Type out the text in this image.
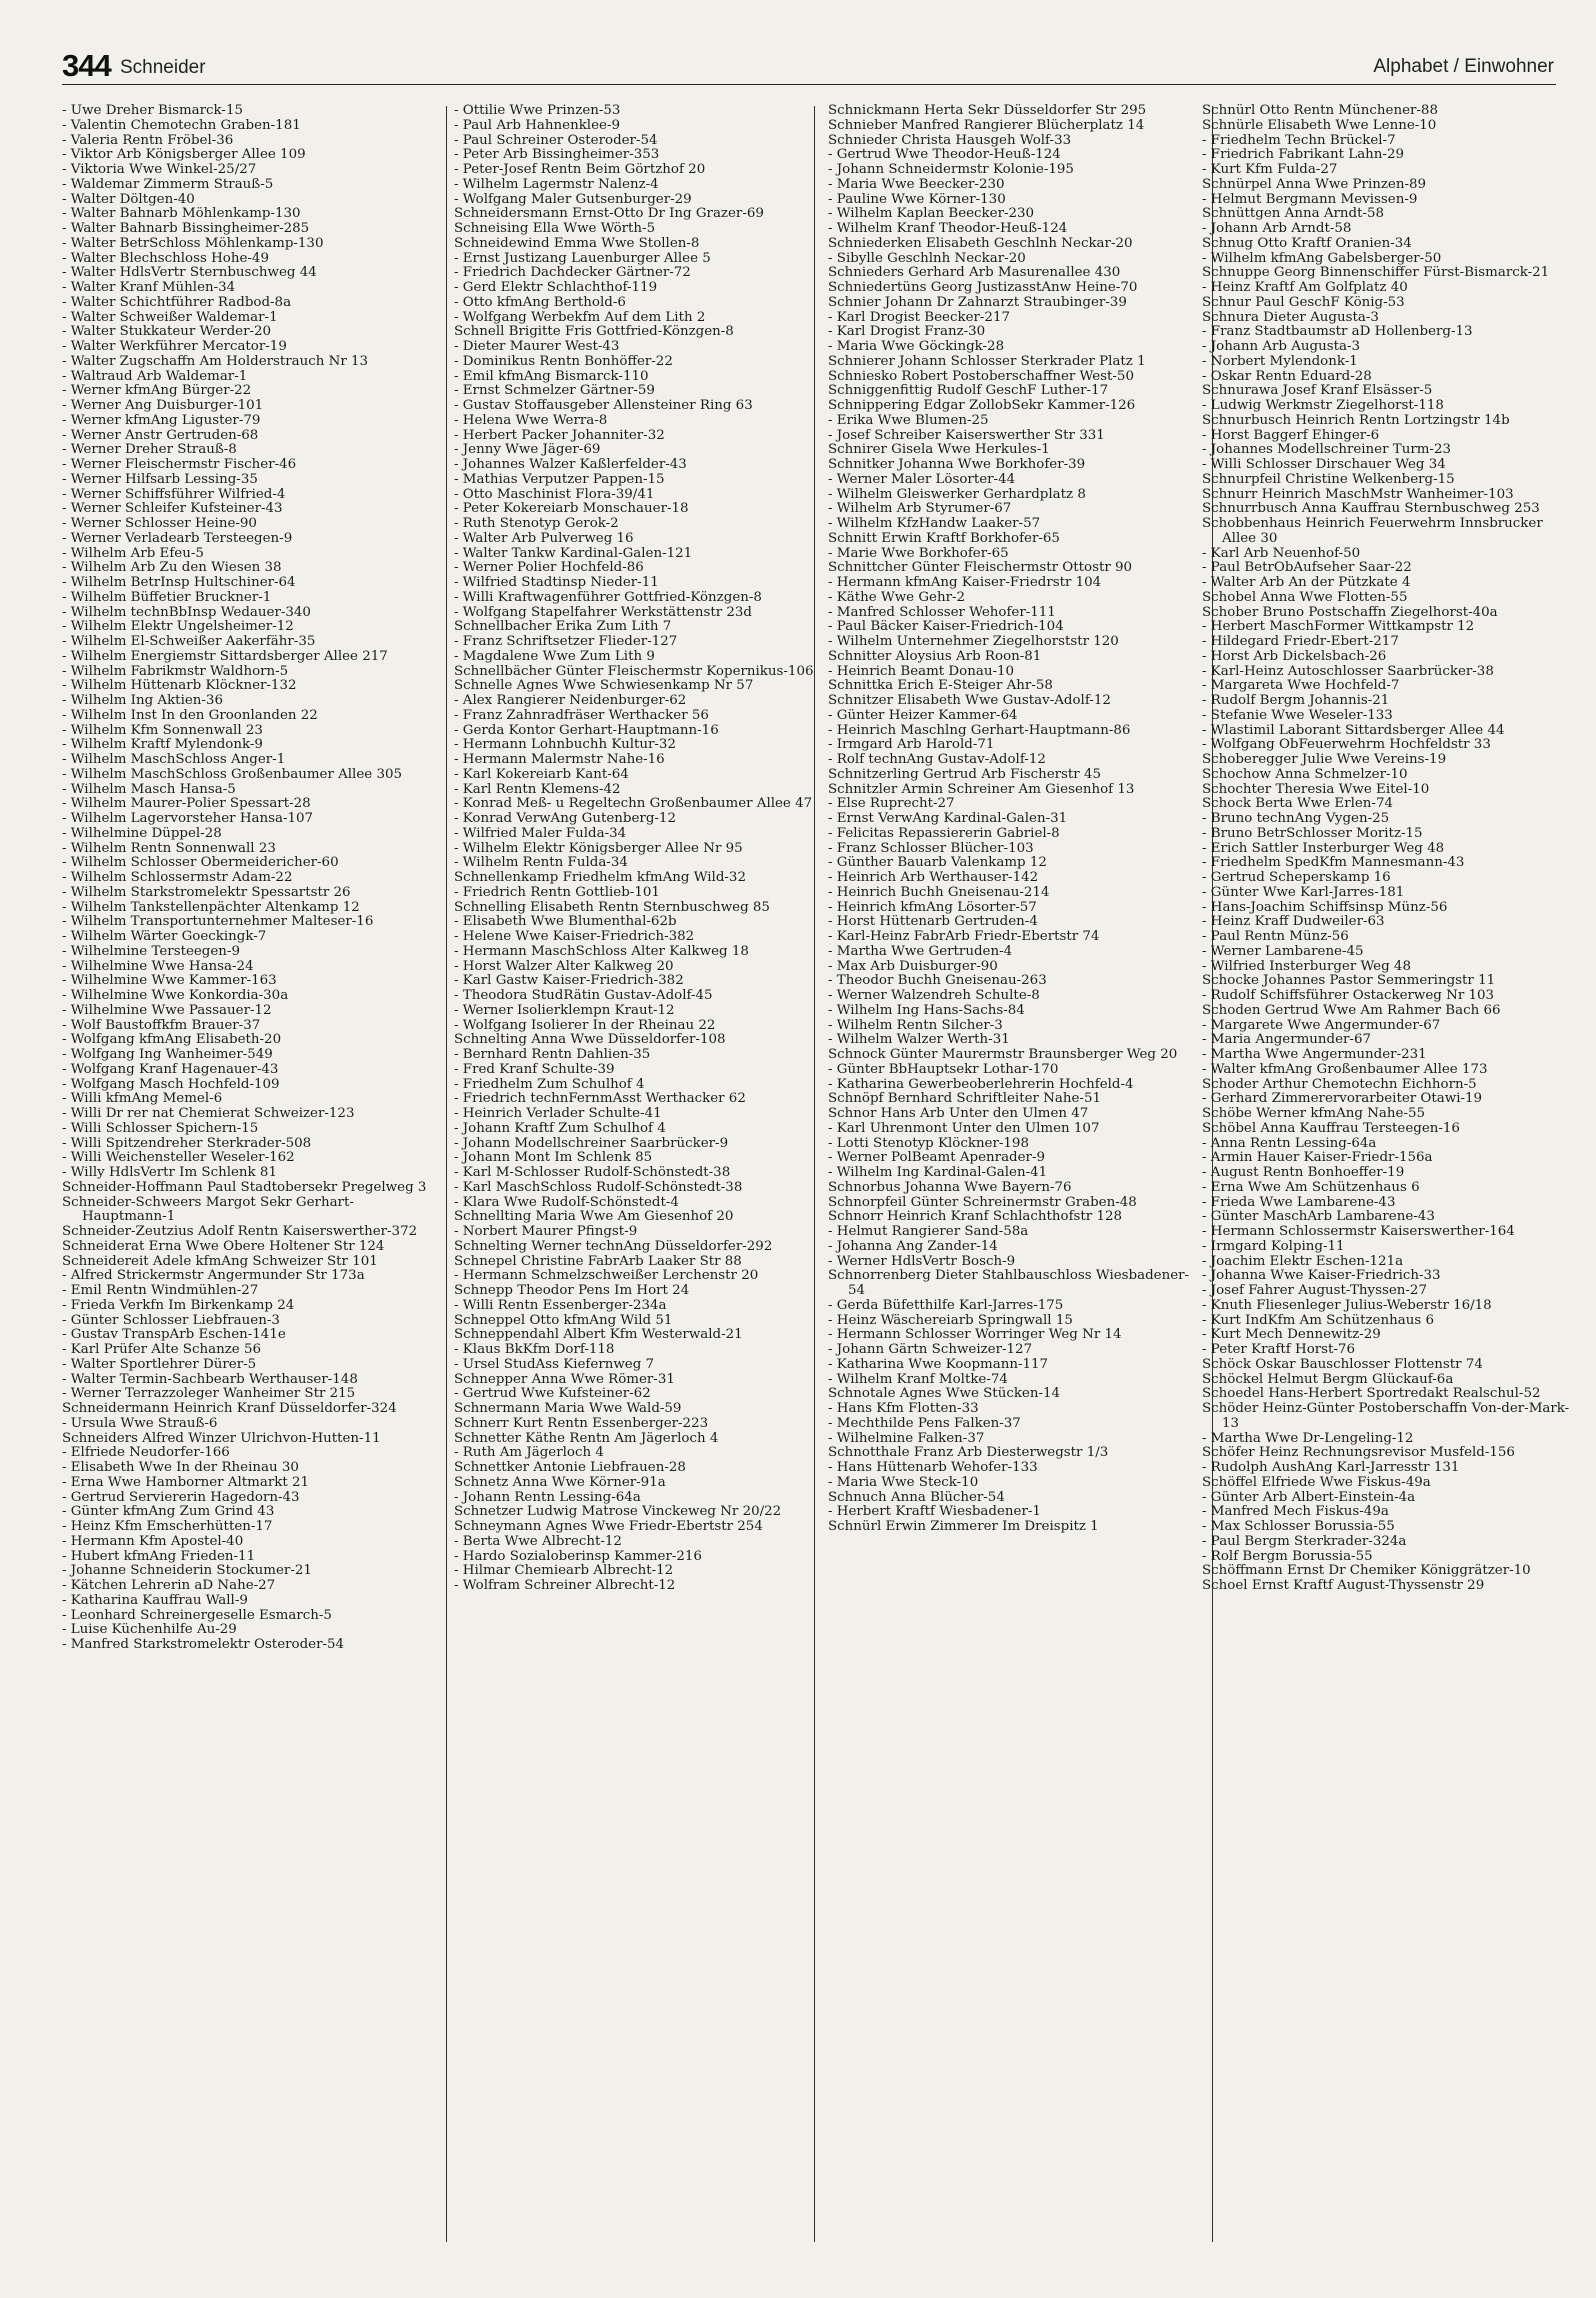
344 Schneider	Alphabet / Einwohner
- Uwe Dreher Bismarck-15
- Valentin Chemotechn Graben-181
- Valeria Rentn Fröbel-36
- Viktor Arb Königsberger Allee 109
- Viktoria Wwe Winkel-25/27
- Waldemar Zimmerm Strauß-5
- Walter Döltgen-40
- Walter Bahnarb Möhlenkamp-130
- Walter Bahnarb Bissingheimer-285
- Walter BetrSchloss Möhlenkamp-130
- Walter Blechschloss Hohe-49
- Walter HdlsVertr Sternbuschweg 44
- Walter Kranf Mühlen-34
- Walter Schichtführer Radbod-8a
- Walter Schweißer Waldemar-1
- Walter Stukkateur Werder-20
- Walter Werkführer Mercator-19
- Walter Zugschaffn Am Holderstrauch Nr 13
- Waltraud Arb Waldemar-1
- Werner kfmAng Bürger-22
- Werner Ang Duisburger-101
- Werner kfmAng Liguster-79
- Werner Anstr Gertruden-68
- Werner Dreher Strauß-8
- Werner Fleischermstr Fischer-46
- Werner Hilfsarb Lessing-35
- Werner Schiffsführer Wilfried-4
- Werner Schleifer Kufsteiner-43
- Werner Schlosser Heine-90
- Werner Verladearb Tersteegen-9
- Wilhelm Arb Efeu-5
- Wilhelm Arb Zu den Wiesen 38
- Wilhelm BetrInsp Hultschiner-64
- Wilhelm Büffetier Bruckner-1
- Wilhelm technBbInsp Wedauer-340
- Wilhelm Elektr Ungelsheimer-12
- Wilhelm El-Schweißer Aakerfähr-35
- Wilhelm Energiemstr Sittardsberger Allee 217
- Wilhelm Fabrikmstr Waldhorn-5
- Wilhelm Hüttenarb Klöckner-132
- Wilhelm Ing Aktien-36
- Wilhelm Inst In den Groonlanden 22
- Wilhelm Kfm Sonnenwall 23
- Wilhelm Kraftf Mylendonk-9
- Wilhelm MaschSchloss Anger-1
- Wilhelm MaschSchloss Großenbaumer Allee 305
- Wilhelm Masch Hansa-5
- Wilhelm Maurer-Polier Spessart-28
- Wilhelm Lagervorsteher Hansa-107
- Wilhelmine Düppel-28
- Wilhelm Rentn Sonnenwall 23
- Wilhelm Schlosser Obermeidericher-60
- Wilhelm Schlossermstr Adam-22
- Wilhelm Starkstromelektr Spessartstr 26
- Wilhelm Tankstellenpächter Altenkamp 12
- Wilhelm Transportunternehmer Malteser-16
- Wilhelm Wärter Goeckingk-7
- Wilhelmine Tersteegen-9
- Wilhelmine Wwe Hansa-24
- Wilhelmine Wwe Kammer-163
- Wilhelmine Wwe Konkordia-30a
- Wilhelmine Wwe Passauer-12
- Wolf Baustoffkfm Brauer-37
- Wolfgang kfmAng Elisabeth-20
- Wolfgang Ing Wanheimer-549
- Wolfgang Kranf Hagenauer-43
- Wolfgang Masch Hochfeld-109
- Willi kfmAng Memel-6
- Willi Dr rer nat Chemierat Schweizer-123
- Willi Schlosser Spichern-15
- Willi Spitzendreher Sterkrader-508
- Willi Weichensteller Weseler-162
- Willy HdlsVertr Im Schlenk 81
Schneider-Hoffmann Paul Stadtobersekr Pregelweg 3
Schneider-Schweers Margot Sekr Gerhart-Hauptmann-1
Schneider-Zeutzius Adolf Rentn Kaiserswerther-372
Schneiderat Erna Wwe Obere Holtener Str 124
Schneidereit Adele kfmAng Schweizer Str 101
- Alfred Strickermstr Angermunder Str 173a
- Emil Rentn Windmühlen-27
- Frieda Verkfn Im Birkenkamp 24
- Günter Schlosser Liebfrauen-3
- Gustav TranspArb Eschen-141e
- Karl Prüfer Alte Schanze 56
- Walter Sportlehrer Dürer-5
- Walter Termin-Sachbearb Werthauser-148
- Werner Terrazzoleger Wanheimer Str 215
Schneidermann Heinrich Kranf Düsseldorfer-324
- Ursula Wwe Strauß-6
Schneiders Alfred Winzer Ulrichvon-Hutten-11
- Elfriede Neudorfer-166
- Elisabeth Wwe In der Rheinau 30
- Erna Wwe Hamborner Altmarkt 21
- Gertrud Serviererin Hagedorn-43
- Günter kfmAng Zum Grind 43
- Heinz Kfm Emscherhütten-17
- Hermann Kfm Apostel-40
- Hubert kfmAng Frieden-11
- Johanne Schneiderin Stockumer-21
- Kätchen Lehrerin aD Nahe-27
- Katharina Kauffrau Wall-9
- Leonhard Schreinergeselle Esmarch-5
- Luise Küchenhilfe Au-29
- Manfred Starkstromelektr Osteroder-54
- Ottilie Wwe Prinzen-53
- Paul Arb Hahnenklee-9
- Paul Schreiner Osteroder-54
- Peter Arb Bissingheimer-353
- Peter-Josef Rentn Beim Görtzhof 20
- Wilhelm Lagermstr Nalenz-4
- Wolfgang Maler Gutsenburger-29
Schneidersmann Ernst-Otto Dr Ing Grazer-69
Schneising Ella Wwe Wörth-5
Schneidewind Emma Wwe Stollen-8
- Ernst Justizang Lauenburger Allee 5
- Friedrich Dachdecker Gärtner-72
- Gerd Elektr Schlachthof-119
- Otto kfmAng Berthold-6
- Wolfgang Werbekfm Auf dem Lith 2
Schnell Brigitte Fris Gottfried-Könzgen-8
- Dieter Maurer West-43
- Dominikus Rentn Bonhöffer-22
- Emil kfmAng Bismarck-110
- Ernst Schmelzer Gärtner-59
- Gustav Stoffausgeber Allensteiner Ring 63
- Helena Wwe Werra-8
- Herbert Packer Johanniter-32
- Jenny Wwe Jäger-69
- Johannes Walzer Kaßlerfelder-43
- Mathias Verputzer Pappen-15
- Otto Maschinist Flora-39/41
- Peter Kokereiarb Monschauer-18
- Ruth Stenotyp Gerok-2
- Walter Arb Pulverweg 16
- Walter Tankw Kardinal-Galen-121
- Werner Polier Hochfeld-86
- Wilfried Stadtinsp Nieder-11
- Willi Kraftwagenführer Gottfried-Könzgen-8
- Wolfgang Stapelfahrer Werkstättenstr 23d
Schnellbacher Erika Zum Lith 7
- Franz Schriftsetzer Flieder-127
- Magdalene Wwe Zum Lith 9
Schnellbächer Günter Fleischermstr Kopernikus-106
Schnelle Agnes Wwe Schwiesenkamp Nr 57
- Alex Rangierer Neidenburger-62
- Franz Zahnradfräser Werthacker 56
- Gerda Kontor Gerhart-Hauptmann-16
- Hermann Lohnbuchh Kultur-32
- Hermann Malermstr Nahe-16
- Karl Kokereiarb Kant-64
- Karl Rentn Klemens-42
- Konrad Meß- u Regeltechn Großenbaumer Allee 47
- Konrad VerwAng Gutenberg-12
- Wilfried Maler Fulda-34
- Wilhelm Elektr Königsberger Allee Nr 95
- Wilhelm Rentn Fulda-34
Schnellenkamp Friedhelm kfmAng Wild-32
- Friedrich Rentn Gottlieb-101
Schnelling Elisabeth Rentn Sternbuschweg 85
- Elisabeth Wwe Blumenthal-62b
- Helene Wwe Kaiser-Friedrich-382
- Hermann MaschSchloss Alter Kalkweg 18
- Horst Walzer Alter Kalkweg 20
- Karl Gastw Kaiser-Friedrich-382
- Theodora StudRätin Gustav-Adolf-45
- Werner Isolierklempn Kraut-12
- Wolfgang Isolierer In der Rheinau 22
Schnelting Anna Wwe Düsseldorfer-108
- Bernhard Rentn Dahlien-35
- Fred Kranf Schulte-39
- Friedhelm Zum Schulhof 4
- Friedrich technFernmAsst Werthacker 62
- Heinrich Verlader Schulte-41
- Johann Kraftf Zum Schulhof 4
- Johann Modellschreiner Saarbrücker-9
- Johann Mont Im Schlenk 85
- Karl M-Schlosser Rudolf-Schönstedt-38
- Karl MaschSchloss Rudolf-Schönstedt-38
- Klara Wwe Rudolf-Schönstedt-4
Schnellting Maria Wwe Am Giesenhof 20
- Norbert Maurer Pfingst-9
Schnelting Werner technAng Düsseldorfer-292
Schnepel Christine FabrArb Laaker Str 88
- Hermann Schmelzschweißer Lerchenstr 20
Schnepp Theodor Pens Im Hort 24
- Willi Rentn Essenberger-234a
Schneppel Otto kfmAng Wild 51
Schneppendahl Albert Kfm Westerwald-21
- Klaus BkKfm Dorf-118
- Ursel StudAss Kiefernweg 7
Schnepper Anna Wwe Römer-31
- Gertrud Wwe Kufsteiner-62
Schnermann Maria Wwe Wald-59
Schnerr Kurt Rentn Essenberger-223
Schnetter Käthe Rentn Am Jägerloch 4
- Ruth Am Jägerloch 4
Schnettker Antonie Liebfrauen-28
Schnetz Anna Wwe Körner-91a
- Johann Rentn Lessing-64a
Schnetzer Ludwig Matrose Vinckeweg Nr 20/22
Schneymann Agnes Wwe Friedr-Ebertstr 254
- Berta Wwe Albrecht-12
- Hardo Sozialoberinsp Kammer-216
- Hilmar Chemiearb Albrecht-12
- Wolfram Schreiner Albrecht-12
Schnickmann Herta Sekr Düsseldorfer Str 295
Schnieber Manfred Rangierer Blücherplatz 14
Schnieder Christa Hausgeh Wolf-33
- Gertrud Wwe Theodor-Heuß-124
- Johann Schneidermstr Kolonie-195
- Maria Wwe Beecker-230
- Pauline Wwe Körner-130
- Wilhelm Kaplan Beecker-230
- Wilhelm Kranf Theodor-Heuß-124
Schniederken Elisabeth Geschlnh Neckar-20
- Sibylle Geschlnh Neckar-20
Schnieders Gerhard Arb Masurenallee 430
Schniedertüns Georg JustizasstAnw Heine-70
Schnier Johann Dr Zahnarzt Straubinger-39
- Karl Drogist Beecker-217
- Karl Drogist Franz-30
- Maria Wwe Göckingk-28
Schnierer Johann Schlosser Sterkrader Platz 1
Schniesko Robert Postoberschaffner West-50
Schniggenfittig Rudolf GeschF Luther-17
Schnippering Edgar ZollobSekr Kammer-126
- Erika Wwe Blumen-25
- Josef Schreiber Kaiserswerther Str 331
Schnirer Gisela Wwe Herkules-1
Schnitker Johanna Wwe Borkhofer-39
- Werner Maler Lösorter-44
- Wilhelm Gleiswerker Gerhardplatz 8
- Wilhelm Arb Styrumer-67
- Wilhelm KfzHandw Laaker-57
Schnitt Erwin Kraftf Borkhofer-65
- Marie Wwe Borkhofer-65
Schnittcher Günter Fleischermstr Ottostr 90
- Hermann kfmAng Kaiser-Friedrstr 104
- Käthe Wwe Gehr-2
- Manfred Schlosser Wehofer-111
- Paul Bäcker Kaiser-Friedrich-104
- Wilhelm Unternehmer Ziegelhorststr 120
Schnitter Aloysius Arb Roon-81
- Heinrich Beamt Donau-10
Schnittka Erich E-Steiger Ahr-58
Schnitzer Elisabeth Wwe Gustav-Adolf-12
- Günter Heizer Kammer-64
- Heinrich Maschlng Gerhart-Hauptmann-86
- Irmgard Arb Harold-71
- Rolf technAng Gustav-Adolf-12
Schnitzerling Gertrud Arb Fischerstr 45
Schnitzler Armin Schreiner Am Giesenhof 13
- Else Ruprecht-27
- Ernst VerwAng Kardinal-Galen-31
- Felicitas Repassiererin Gabriel-8
- Franz Schlosser Blücher-103
- Günther Bauarb Valenkamp 12
- Heinrich Arb Werthauser-142
- Heinrich Buchh Gneisenau-214
- Heinrich kfmAng Lösorter-57
- Horst Hüttenarb Gertruden-4
- Karl-Heinz FabrArb Friedr-Ebertstr 74
- Martha Wwe Gertruden-4
- Max Arb Duisburger-90
- Theodor Buchh Gneisenau-263
- Werner Walzendreh Schulte-8
- Wilhelm Ing Hans-Sachs-84
- Wilhelm Rentn Silcher-3
- Wilhelm Walzer Werth-31
Schnock Günter Maurermstr Braunsberger Weg 20
- Günter BbHauptsekr Lothar-170
- Katharina Gewerbeoberlehrerin Hochfeld-4
Schnöpf Bernhard Schriftleiter Nahe-51
Schnor Hans Arb Unter den Ulmen 47
- Karl Uhrenmont Unter den Ulmen 107
- Lotti Stenotyp Klöckner-198
- Werner PolBeamt Apenrader-9
- Wilhelm Ing Kardinal-Galen-41
Schnorbus Johanna Wwe Bayern-76
Schnorpfeil Günter Schreinermstr Graben-48
Schnorr Heinrich Kranf Schlachthofstr 128
- Helmut Rangierer Sand-58a
- Johanna Ang Zander-14
- Werner HdlsVertr Bosch-9
Schnorrenberg Dieter Stahlbauschloss Wiesbadener-54
- Gerda Büfetthilfe Karl-Jarres-175
- Heinz Wäschereiarb Springwall 15
- Hermann Schlosser Worringer Weg Nr 14
- Johann Gärtn Schweizer-127
- Katharina Wwe Koopmann-117
- Wilhelm Kranf Moltke-74
Schnotale Agnes Wwe Stücken-14
- Hans Kfm Flotten-33
- Mechthilde Pens Falken-37
- Wilhelmine Falken-37
Schnotthale Franz Arb Diesterwegstr 1/3
- Hans Hüttenarb Wehofer-133
- Maria Wwe Steck-10
Schnuch Anna Blücher-54
- Herbert Kraftf Wiesbadener-1
Schnürl Erwin Zimmerer Im Dreispitz 1
Schnürl Otto Rentn Münchener-88
Schnürle Elisabeth Wwe Lenne-10
- Friedhelm Techn Brückel-7
- Friedrich Fabrikant Lahn-29
- Kurt Kfm Fulda-27
Schnürpel Anna Wwe Prinzen-89
- Helmut Bergmann Mevissen-9
Schnüttgen Anna Arndt-58
- Johann Arb Arndt-58
Schnug Otto Kraftf Oranien-34
- Wilhelm kfmAng Gabelsberger-50
Schnuppe Georg Binnenschiffer Fürst-Bismarck-21
- Heinz Kraftf Am Golfplatz 40
Schnur Paul GeschF König-53
Schnura Dieter Augusta-3
- Franz Stadtbaumstr aD Hollenberg-13
- Johann Arb Augusta-3
- Norbert Mylendonk-1
- Oskar Rentn Eduard-28
Schnurawa Josef Kranf Elsässer-5
- Ludwig Werkmstr Ziegelhorst-118
Schnurbusch Heinrich Rentn Lortzingstr 14b
- Horst Baggerf Ehinger-6
- Johannes Modellschreiner Turm-23
- Willi Schlosser Dirschauer Weg 34
Schnurpfeil Christine Welkenberg-15
Schnurr Heinrich MaschMstr Wanheimer-103
Schnurrbusch Anna Kauffrau Sternbuschweg 253
Schobbenhaus Heinrich Feuerwehrm Innsbrucker Allee 30
- Karl Arb Neuenhof-50
- Paul BetrObAufseher Saar-22
- Walter Arb An der Pützkate 4
Schobel Anna Wwe Flotten-55
Schober Bruno Postschaffn Ziegelhorst-40a
- Herbert MaschFormer Wittkampstr 12
- Hildegard Friedr-Ebert-217
- Horst Arb Dickelsbach-26
- Karl-Heinz Autoschlosser Saarbrücker-38
- Margareta Wwe Hochfeld-7
- Rudolf Bergm Johannis-21
- Stefanie Wwe Weseler-133
- Wlastimil Laborant Sittardsberger Allee 44
- Wolfgang ObFeuerwehrm Hochfeldstr 33
Schoberegger Julie Wwe Vereins-19
Schochow Anna Schmelzer-10
Schochter Theresia Wwe Eitel-10
Schock Berta Wwe Erlen-74
- Bruno technAng Vygen-25
- Bruno BetrSchlosser Moritz-15
- Erich Sattler Insterburger Weg 48
- Friedhelm SpedKfm Mannesmann-43
- Gertrud Scheperskamp 16
- Günter Wwe Karl-Jarres-181
- Hans-Joachim Schiffsinsp Münz-56
- Heinz Kraff Dudweiler-63
- Paul Rentn Münz-56
- Werner Lambarene-45
- Wilfried Insterburger Weg 48
Schocke Johannes Pastor Semmeringstr 11
- Rudolf Schiffsführer Ostackerweg Nr 103
Schoden Gertrud Wwe Am Rahmer Bach 66
- Margarete Wwe Angermunder-67
- Maria Angermunder-67
- Martha Wwe Angermunder-231
- Walter kfmAng Großenbaumer Allee 173
Schoder Arthur Chemotechn Eichhorn-5
- Gerhard Zimmerervorarbeiter Otawi-19
Schöbe Werner kfmAng Nahe-55
Schöbel Anna Kauffrau Tersteegen-16
- Anna Rentn Lessing-64a
- Armin Hauer Kaiser-Friedr-156a
- August Rentn Bonhoeffer-19
- Erna Wwe Am Schützenhaus 6
- Frieda Wwe Lambarene-43
- Günter MaschArb Lambarene-43
- Hermann Schlossermstr Kaiserswerther-164
- Irmgard Kolping-11
- Joachim Elektr Eschen-121a
- Johanna Wwe Kaiser-Friedrich-33
- Josef Fahrer August-Thyssen-27
- Knuth Fliesenleger Julius-Weberstr 16/18
- Kurt IndKfm Am Schützenhaus 6
- Kurt Mech Dennewitz-29
- Peter Kraftf Horst-76
Schöck Oskar Bauschlosser Flottenstr 74
Schöckel Helmut Bergm Glückauf-6a
Schoedel Hans-Herbert Sportredakt Realschul-52
Schöder Heinz-Günter Postoberschaffn Von-der-Mark-13
- Martha Wwe Dr-Lengeling-12
Schöfer Heinz Rechnungsrevisor Musfeld-156
- Rudolph AushAng Karl-Jarresstr 131
Schöffel Elfriede Wwe Fiskus-49a
- Günter Arb Albert-Einstein-4a
- Manfred Mech Fiskus-49a
- Max Schlosser Borussia-55
- Paul Bergm Sterkrader-324a
- Rolf Bergm Borussia-55
Schöffmann Ernst Dr Chemiker Königgrätzer-10
Schoel Ernst Kraftf August-Thyssenstr 29
